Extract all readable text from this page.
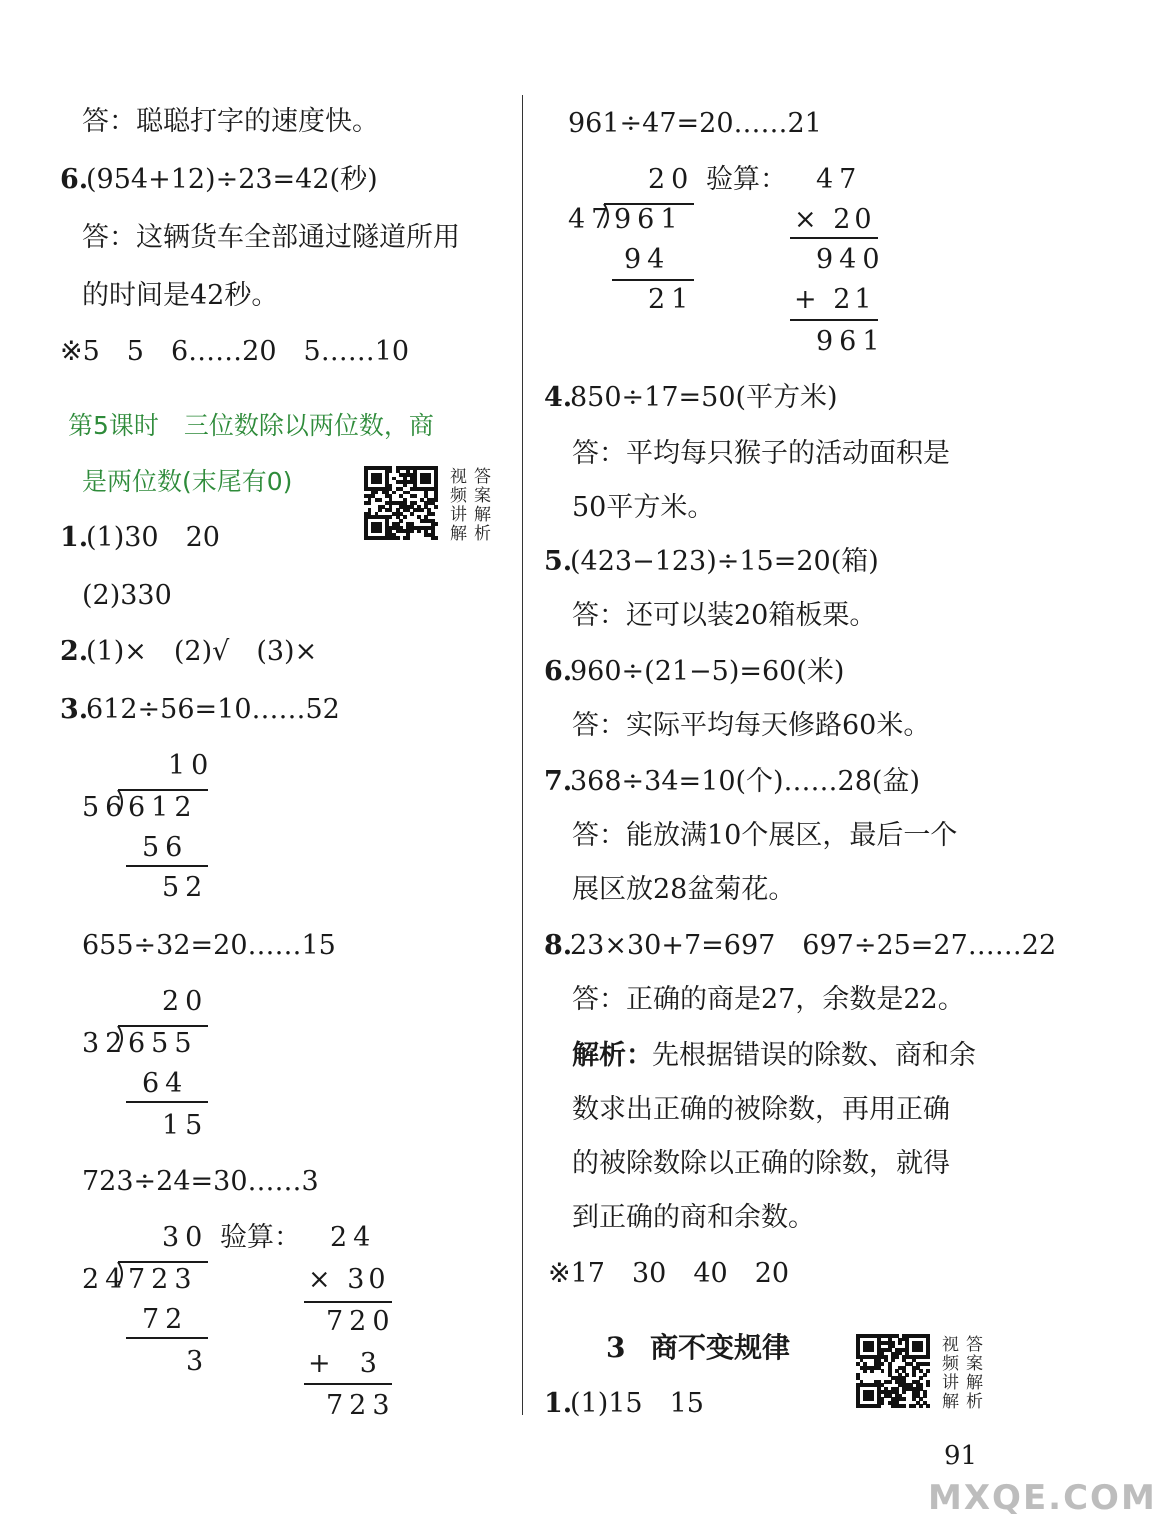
答：聪聪打字的速度快。
6.
(954+12)÷23=42(秒)
答：这辆货车全部通过隧道所用
的时间是42秒。
※5　5　6……20　5……10
第5课时　三位数除以两位数，商
是两位数(末尾有0)	视频讲解
答案解析
1.
(1)30　20
(2)330
2.
(1)×　(2)√　(3)×
3.
612÷56=10……52
10
56 612
56
52
655÷32=20……15
20
32 655
64
15
723÷24=30……3
30 验算：
24 723
72
3
24
× 30
720
+  3
723
961÷47=20……21
20 验算：
47 961
94
21
47
× 20
940
+ 21
961
4.
850÷17=50(平方米)
答：平均每只猴子的活动面积是
50平方米。
5.
(423−123)÷15=20(箱)
答：还可以装20箱板栗。
6.
960÷(21−5)=60(米)
答：实际平均每天修路60米。
7.
368÷34=10(个)……28(盆)
答：能放满10个展区，最后一个
展区放28盆菊花。
8.
23×30+7=697　697÷25=27……22
答：正确的商是27，余数是22。
解析： 先根据错误的除数、商和余
数求出正确的被除数，再用正确
的被除数除以正确的除数，就得
到正确的商和余数。
※17　30　40　20
3 商不变规律	视频讲解
答案解析
1.
(1)15　15
91
MXQE.COM
